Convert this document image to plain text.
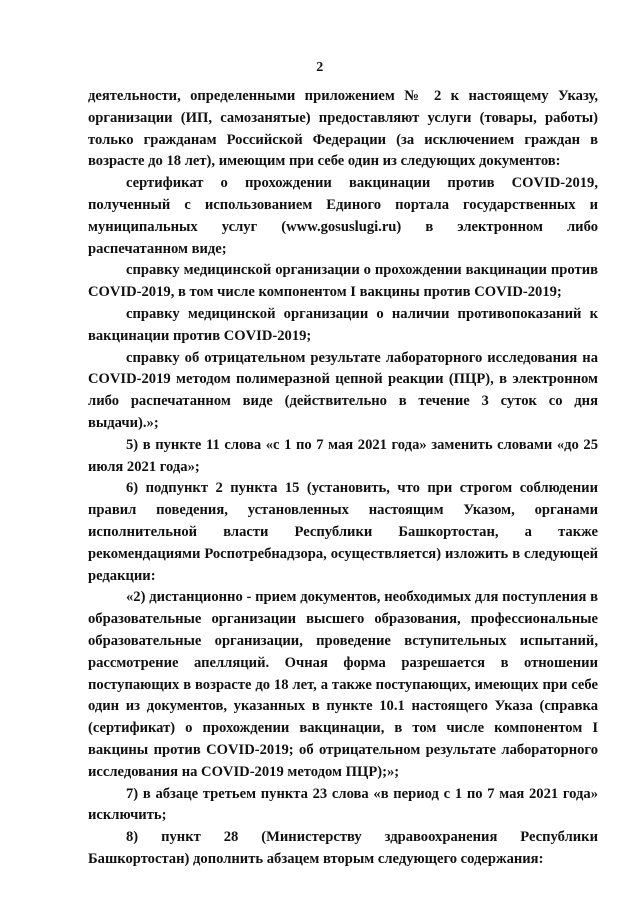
2

деятельности, определенными приложением № 2 к настоящему Указу, организации (ИП, самозанятые) предоставляют услуги (товары, работы) только гражданам Российской Федерации (за исключением граждан в возрасте до 18 лет), имеющим при себе один из следующих документов:

сертификат о прохождении вакцинации против COVID-2019, полученный с использованием Единого портала государственных и муниципальных услуг (www.gosuslugi.ru) в электронном либо распечатанном виде;

справку медицинской организации о прохождении вакцинации против COVID-2019, в том числе компонентом I вакцины против COVID-2019;

справку медицинской организации о наличии противопоказаний к вакцинации против COVID-2019;

справку об отрицательном результате лабораторного исследования на COVID-2019 методом полимеразной цепной реакции (ПЦР), в электронном либо распечатанном виде (действительно в течение 3 суток со дня выдачи).»;

5) в пункте 11 слова «с 1 по 7 мая 2021 года» заменить словами «до 25 июля 2021 года»;

6) подпункт 2 пункта 15 (установить, что при строгом соблюдении правил поведения, установленных настоящим Указом, органами исполнительной власти Республики Башкортостан, а также рекомендациями Роспотребнадзора, осуществляется) изложить в следующей редакции:

«2) дистанционно - прием документов, необходимых для поступления в образовательные организации высшего образования, профессиональные образовательные организации, проведение вступительных испытаний, рассмотрение апелляций. Очная форма разрешается в отношении поступающих в возрасте до 18 лет, а также поступающих, имеющих при себе один из документов, указанных в пункте 10.1 настоящего Указа (справка (сертификат) о прохождении вакцинации, в том числе компонентом I вакцины против COVID-2019; об отрицательном результате лабораторного исследования на COVID-2019 методом ПЦР);»;

7) в абзаце третьем пункта 23 слова «в период с 1 по 7 мая 2021 года» исключить;

8) пункт 28 (Министерству здравоохранения Республики Башкортостан) дополнить абзацем вторым следующего содержания:
